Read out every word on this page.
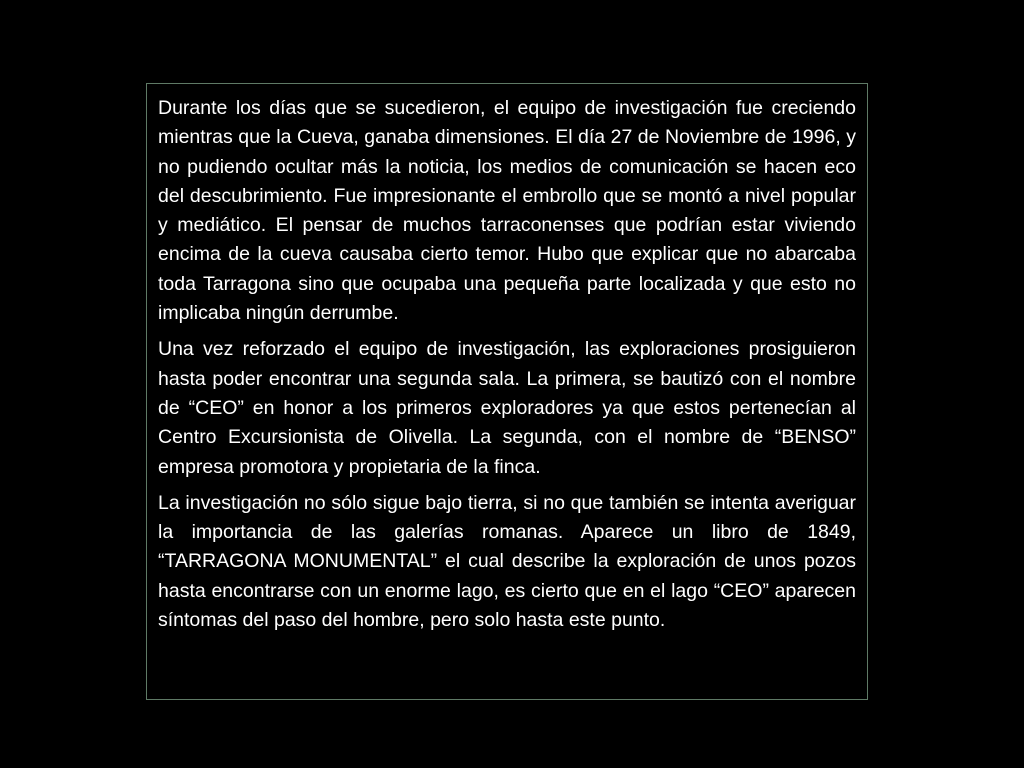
Durante los días que se sucedieron, el equipo de investigación fue creciendo mientras que la Cueva, ganaba dimensiones. El día 27 de Noviembre de 1996, y no pudiendo ocultar más la noticia, los medios de comunicación se hacen eco del descubrimiento. Fue impresionante el embrollo que se montó a nivel popular y mediático. El pensar de muchos tarraconenses que podrían estar viviendo encima de la cueva causaba cierto temor. Hubo que explicar que no abarcaba toda Tarragona sino que ocupaba una pequeña parte localizada y que esto no implicaba ningún derrumbe.

Una vez reforzado el equipo de investigación, las exploraciones prosiguieron hasta poder encontrar una segunda sala. La primera, se bautizó con el nombre de “CEO” en honor a los primeros exploradores ya que estos pertenecían al Centro Excursionista de Olivella. La segunda, con el nombre de “BENSO” empresa promotora y propietaria de la finca.

La investigación no sólo sigue bajo tierra, si no que también se intenta averiguar la importancia de las galerías romanas. Aparece un libro de 1849, “TARRAGONA MONUMENTAL” el cual describe la exploración de unos pozos hasta encontrarse con un enorme lago, es cierto que en el lago “CEO” aparecen síntomas del paso del hombre, pero solo hasta este punto.
